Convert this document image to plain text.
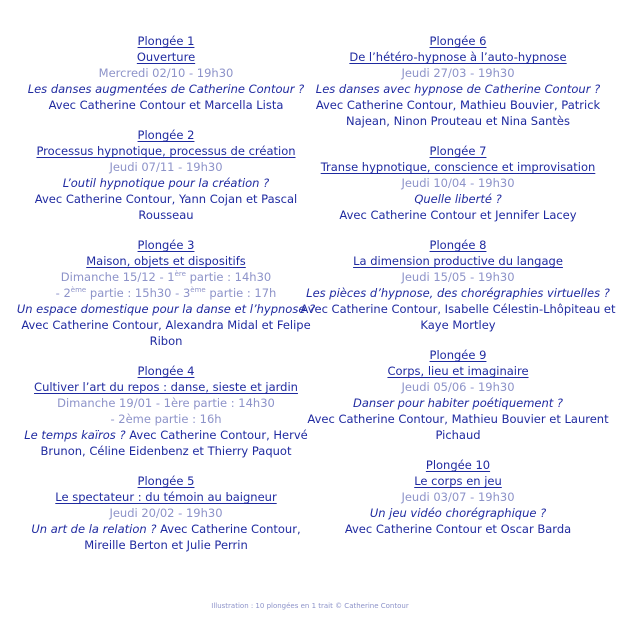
Plongée 1
Ouverture
Mercredi 02/10 - 19h30
Les danses augmentées de Catherine Contour ?
Avec Catherine Contour et Marcella Lista
Plongée 2
Processus hypnotique, processus de création
Jeudi 07/11 - 19h30
L’outil hypnotique pour la création ?
Avec Catherine Contour, Yann Cojan et Pascal Rousseau
Plongée 3
Maison, objets et dispositifs
Dimanche 15/12 - 1ère partie : 14h30
- 2ème partie : 15h30 - 3ème partie : 17h
Un espace domestique pour la danse et l’hypnose ? Avec Catherine Contour, Alexandra Midal et Felipe Ribon
Plongée 4
Cultiver l’art du repos : danse, sieste et jardin
Dimanche 19/01 - 1ère partie : 14h30
- 2ème partie : 16h
Le temps kaïros ? Avec Catherine Contour, Hervé Brunon, Céline Eidenbenz et Thierry Paquot
Plongée 5
Le spectateur : du témoin au baigneur
Jeudi 20/02 - 19h30
Un art de la relation ? Avec Catherine Contour, Mireille Berton et Julie Perrin
Plongée 6
De l’hétéro-hypnose à l’auto-hypnose
Jeudi 27/03 - 19h30
Les danses avec hypnose de Catherine Contour ?
Avec Catherine Contour, Mathieu Bouvier, Patrick Najean, Ninon Prouteau et Nina Santès
Plongée 7
Transe hypnotique, conscience et improvisation
Jeudi 10/04 - 19h30
Quelle liberté ?
Avec Catherine Contour et Jennifer Lacey
Plongée 8
La dimension productive du langage
Jeudi 15/05 - 19h30
Les pièces d’hypnose, des chorégraphies virtuelles ? Avec Catherine Contour, Isabelle Célestin-Lhôpiteau et Kaye Mortley
Plongée 9
Corps, lieu et imaginaire
Jeudi 05/06 - 19h30
Danser pour habiter poétiquement ?
Avec Catherine Contour, Mathieu Bouvier et Laurent Pichaud
Plongée 10
Le corps en jeu
Jeudi 03/07 - 19h30
Un jeu vidéo chorégraphique ?
Avec Catherine Contour et Oscar Barda
Illustration : 10 plongées en 1 trait © Catherine Contour
